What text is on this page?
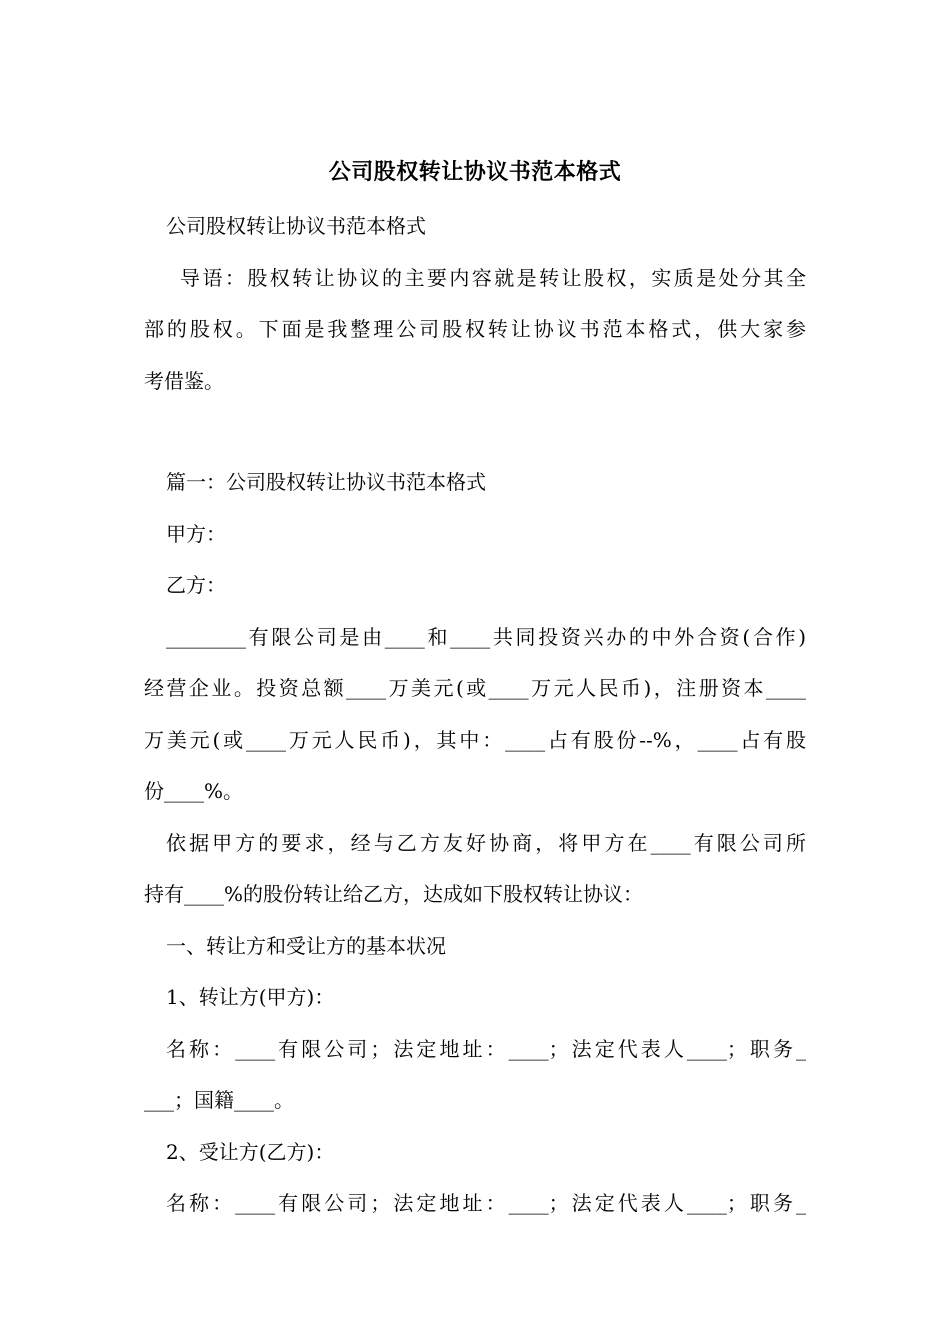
公司股权转让协议书范本格式
公司股权转让协议书范本格式
导语：股权转让协议的主要内容就是转让股权，实质是处分其全
部的股权。下面是我整理公司股权转让协议书范本格式，供大家参
考借鉴。
篇一：公司股权转让协议书范本格式
甲方：
乙方：
________有限公司是由____和____共同投资兴办的中外合资(合作)
经营企业。投资总额____万美元(或____万元人民币)，注册资本____
万美元(或____万元人民币)，其中：____占有股份--%，____占有股
份____%。
依据甲方的要求，经与乙方友好协商，将甲方在____有限公司所
持有____%的股份转让给乙方，达成如下股权转让协议：
一、转让方和受让方的基本状况
1、转让方(甲方)：
名称：____有限公司；法定地址：____；法定代表人____；职务_
___；国籍____。
2、受让方(乙方)：
名称：____有限公司；法定地址：____；法定代表人____；职务_
